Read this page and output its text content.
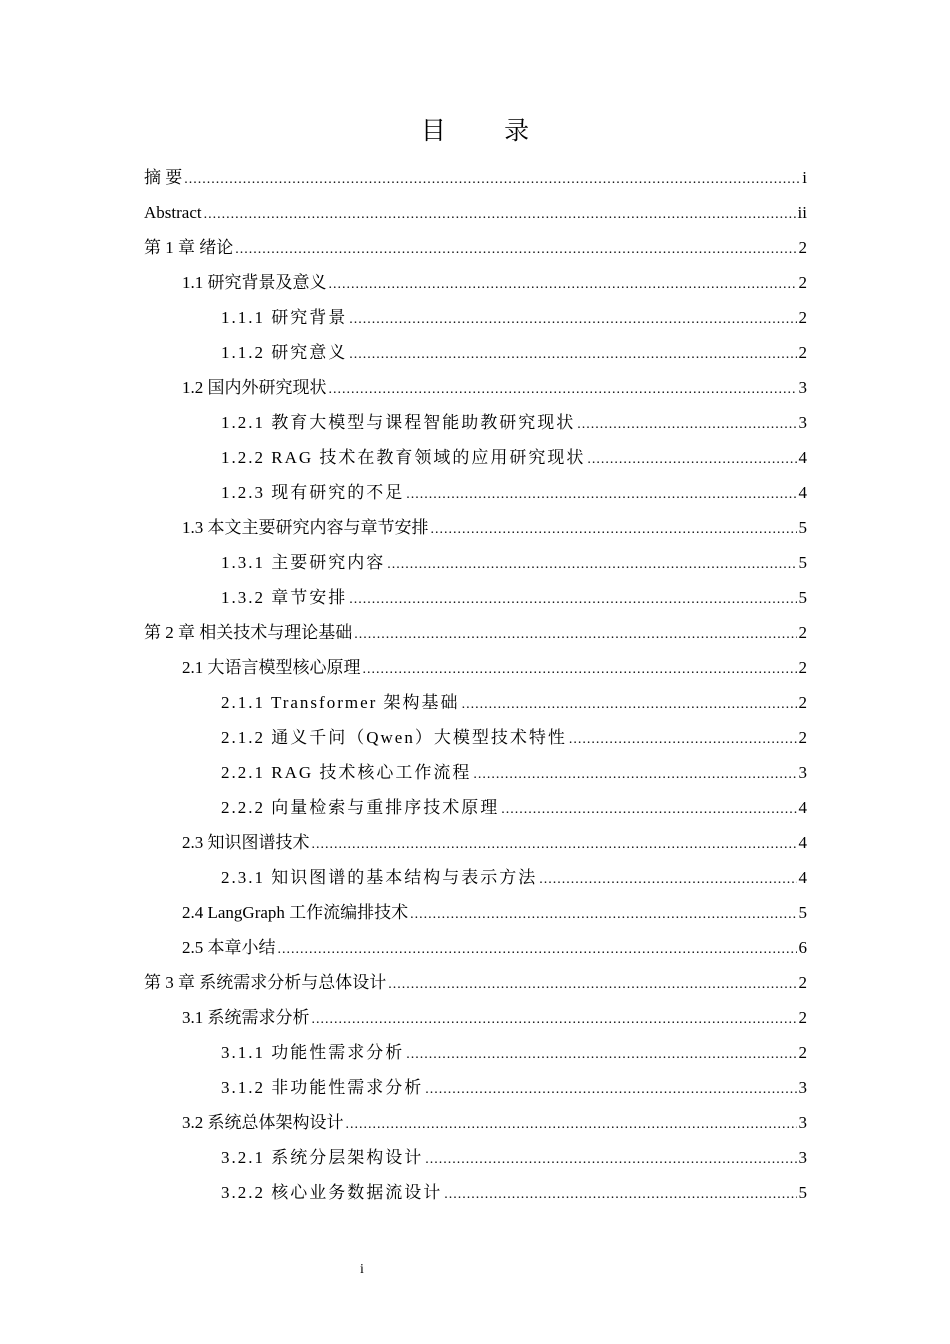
目 录
摘 要 .....	i
Abstract .....	ii
第 1 章 绪论 .....	2
1.1 研究背景及意义 .....	2
1.1.1 研究背景 .....	2
1.1.2 研究意义 .....	2
1.2 国内外研究现状 .....	3
1.2.1 教育大模型与课程智能助教研究现状 .....	3
1.2.2 RAG 技术在教育领域的应用研究现状 .....	4
1.2.3 现有研究的不足 .....	4
1.3 本文主要研究内容与章节安排 .....	5
1.3.1 主要研究内容 .....	5
1.3.2 章节安排 .....	5
第 2 章 相关技术与理论基础 .....	2
2.1 大语言模型核心原理 .....	2
2.1.1 Transformer 架构基础 .....	2
2.1.2 通义千问（Qwen）大模型技术特性 .....	2
2.2.1 RAG 技术核心工作流程 .....	3
2.2.2 向量检索与重排序技术原理 .....	4
2.3 知识图谱技术 .....	4
2.3.1 知识图谱的基本结构与表示方法 .....	4
2.4 LangGraph 工作流编排技术 .....	5
2.5 本章小结 .....	6
第 3 章 系统需求分析与总体设计 .....	2
3.1 系统需求分析 .....	2
3.1.1 功能性需求分析 .....	2
3.1.2 非功能性需求分析 .....	3
3.2 系统总体架构设计 .....	3
3.2.1 系统分层架构设计 .....	3
3.2.2 核心业务数据流设计 .....	5
i
